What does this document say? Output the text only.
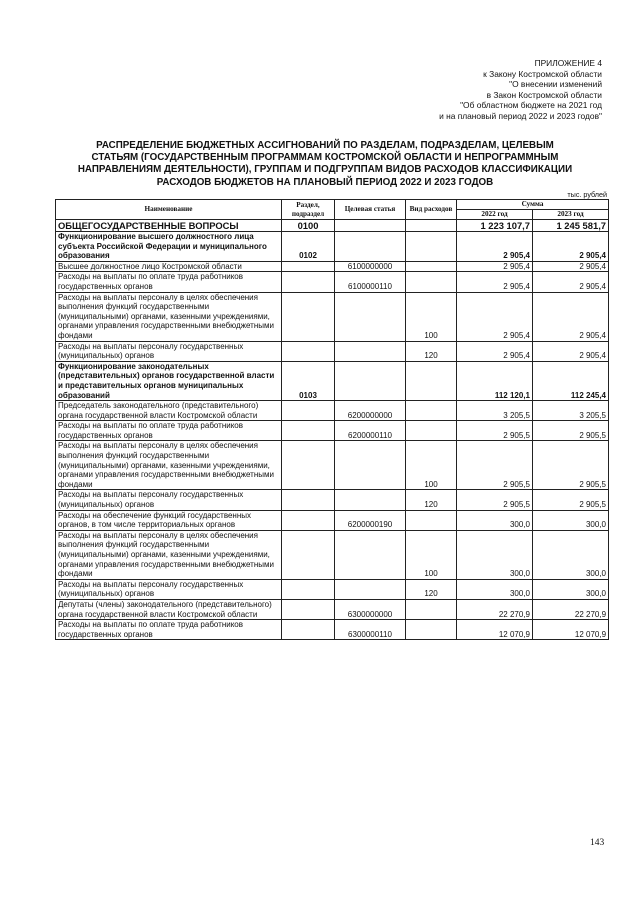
ПРИЛОЖЕНИЕ 4
к Закону Костромской области
"О внесении изменений
в Закон Костромской области
"Об областном бюджете на 2021 год
и на плановый период 2022 и 2023 годов"
РАСПРЕДЕЛЕНИЕ БЮДЖЕТНЫХ АССИГНОВАНИЙ ПО РАЗДЕЛАМ, ПОДРАЗДЕЛАМ, ЦЕЛЕВЫМ
СТАТЬЯМ (ГОСУДАРСТВЕННЫМ ПРОГРАММАМ КОСТРОМСКОЙ ОБЛАСТИ И НЕПРОГРАММНЫМ
НАПРАВЛЕНИЯМ ДЕЯТЕЛЬНОСТИ), ГРУППАМ И ПОДГРУППАМ ВИДОВ РАСХОДОВ КЛАССИФИКАЦИИ
РАСХОДОВ БЮДЖЕТОВ НА ПЛАНОВЫЙ ПЕРИОД 2022 И 2023 ГОДОВ
тыс. рублей
Наименование	Раздел, подраздел	Целевая статья	Вид расходов	Сумма	
				2022 год	2023 год
ОБЩЕГОСУДАРСТВЕННЫЕ ВОПРОСЫ	0100			1 223 107,7	1 245 581,7
Функционирование высшего должностного лица субъекта Российской Федерации и муниципального образования	0102			2 905,4	2 905,4
Высшее должностное лицо Костромской области		6100000000		2 905,4	2 905,4
Расходы на выплаты по оплате труда работников государственных органов		6100000110		2 905,4	2 905,4
Расходы на выплаты персоналу в целях обеспечения выполнения функций государственными (муниципальными) органами, казенными учреждениями, органами управления государственными внебюджетными фондами			100	2 905,4	2 905,4
Расходы на выплаты персоналу государственных (муниципальных) органов			120	2 905,4	2 905,4
Функционирование законодательных (представительных) органов государственной власти и представительных органов муниципальных образований	0103			112 120,1	112 245,4
Председатель законодательного (представительного) органа государственной власти Костромской области		6200000000		3 205,5	3 205,5
Расходы на выплаты по оплате труда работников государственных органов		6200000110		2 905,5	2 905,5
Расходы на выплаты персоналу в целях обеспечения выполнения функций государственными (муниципальными) органами, казенными учреждениями, органами управления государственными внебюджетными фондами			100	2 905,5	2 905,5
Расходы на выплаты персоналу государственных (муниципальных) органов			120	2 905,5	2 905,5
Расходы на обеспечение функций государственных органов, в том числе территориальных органов		6200000190		300,0	300,0
Расходы на выплаты персоналу в целях обеспечения выполнения функций государственными (муниципальными) органами, казенными учреждениями, органами управления государственными внебюджетными фондами			100	300,0	300,0
Расходы на выплаты персоналу государственных (муниципальных) органов			120	300,0	300,0
Депутаты (члены) законодательного (представительного) органа государственной власти Костромской области		6300000000		22 270,9	22 270,9
Расходы на выплаты по оплате труда работников государственных органов		6300000110		12 070,9	12 070,9
143
